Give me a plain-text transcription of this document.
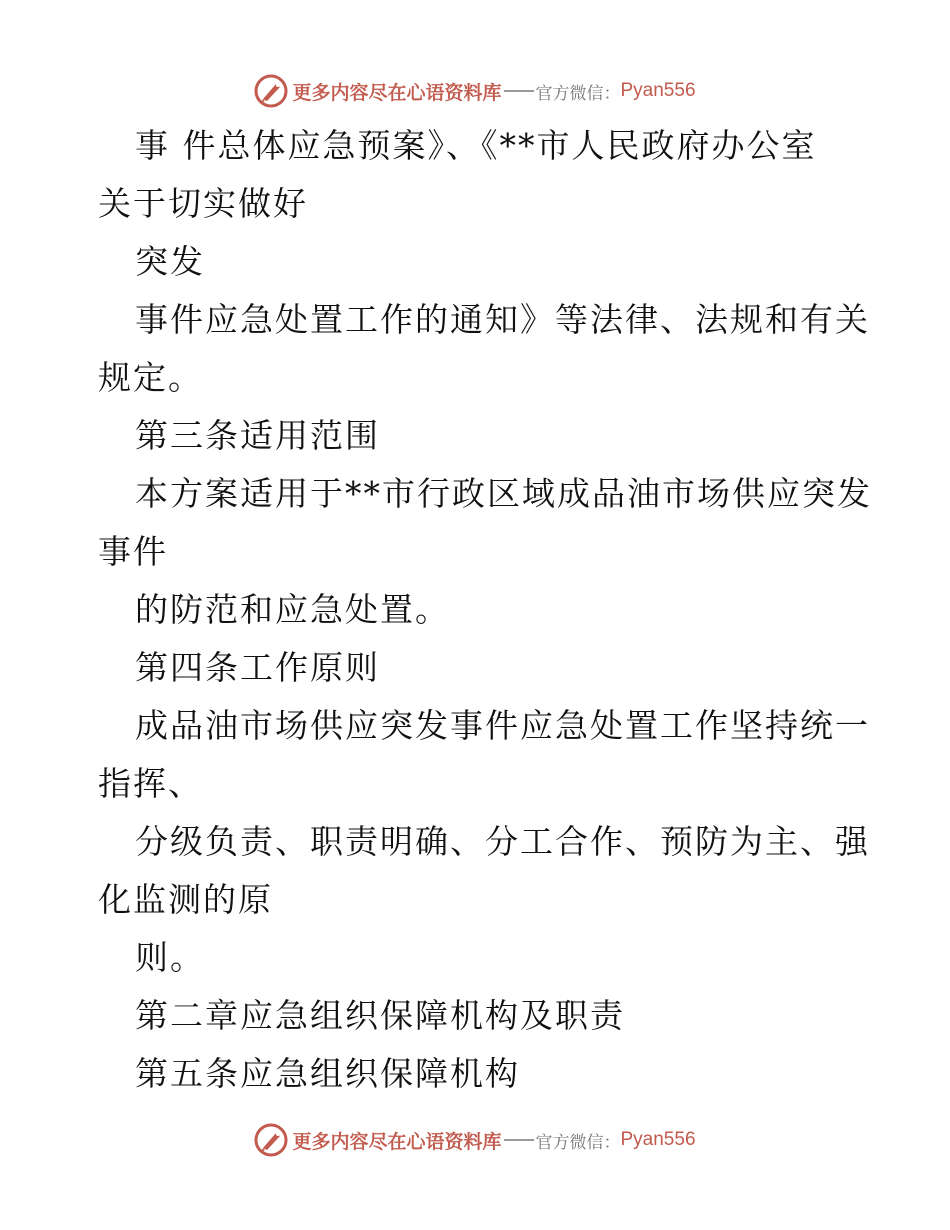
更多内容尽在心语资料库 官方微信： Pyan556
事 件总体应急预案》、《**市人民政府办公室
关于切实做好
突发
事件应急处置工作的通知》等法律、法规和有关
规定。
第三条适用范围
本方案适用于**市行政区域成品油市场供应突发
事件
的防范和应急处置。
第四条工作原则
成品油市场供应突发事件应急处置工作坚持统一
指挥、
分级负责、职责明确、分工合作、预防为主、强
化监测的原
则。
第二章应急组织保障机构及职责
第五条应急组织保障机构
更多内容尽在心语资料库 官方微信： Pyan556
